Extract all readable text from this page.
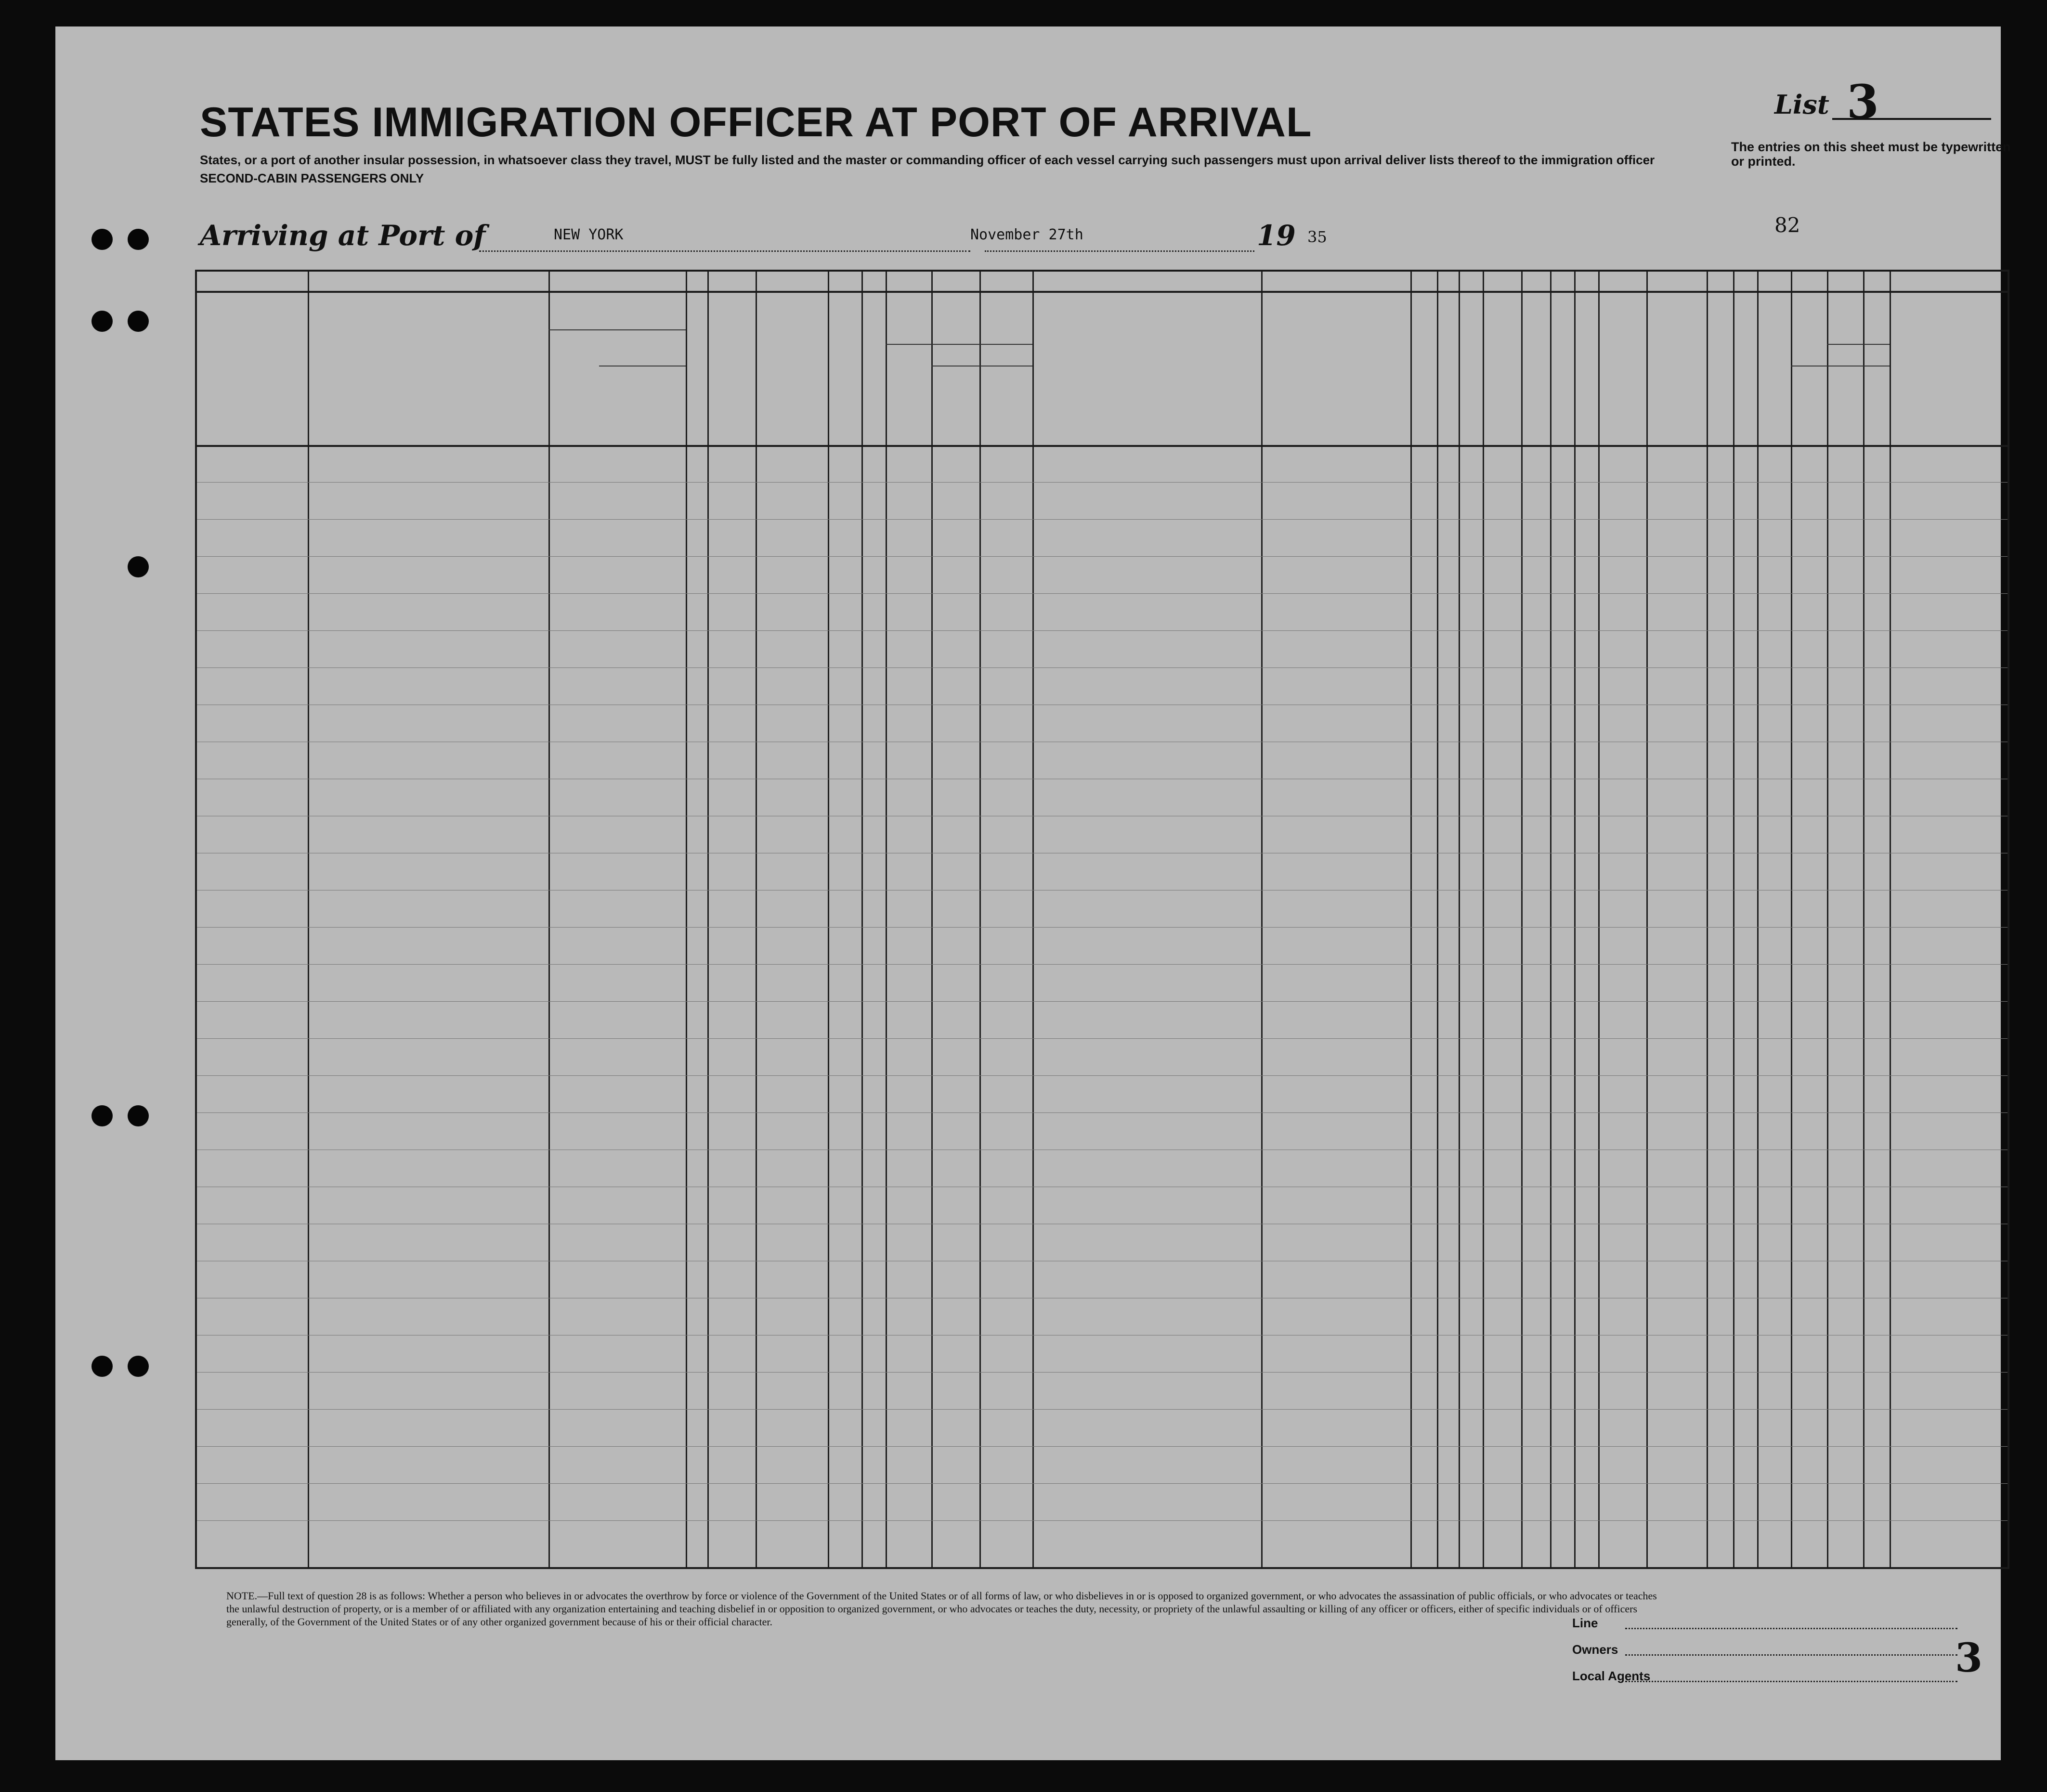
STATES IMMIGRATION OFFICER AT PORT OF ARRIVAL
States, or a port of another insular possession, in whatsoever class they travel, MUST be fully listed and the master or commanding officer of each vessel carrying such passengers must upon arrival deliver lists thereof to the immigration officer
SECOND-CABIN PASSENGERS ONLY
List 3
The entries on this sheet must be typewritten or printed.
Arriving at Port of	NEW YORK	November 27th	19 35	82
NOTE.—Full text of question 28 is as follows: Whether a person who believes in or advocates the overthrow by force or violence of the Government of the United States or of all forms of law, or who disbelieves in or is opposed to organized government, or who advocates the assassination of public officials, or who advocates or teaches the unlawful destruction of property, or is a member of or affiliated with any organization entertaining and teaching disbelief in or opposition to organized government, or who advocates or teaches the duty, necessity, or propriety of the unlawful assaulting or killing of any officer or officers, either of specific individuals or of officers generally, of the Government of the United States or of any other organized government because of his or their official character.	Line
Owners
Local Agents	3
